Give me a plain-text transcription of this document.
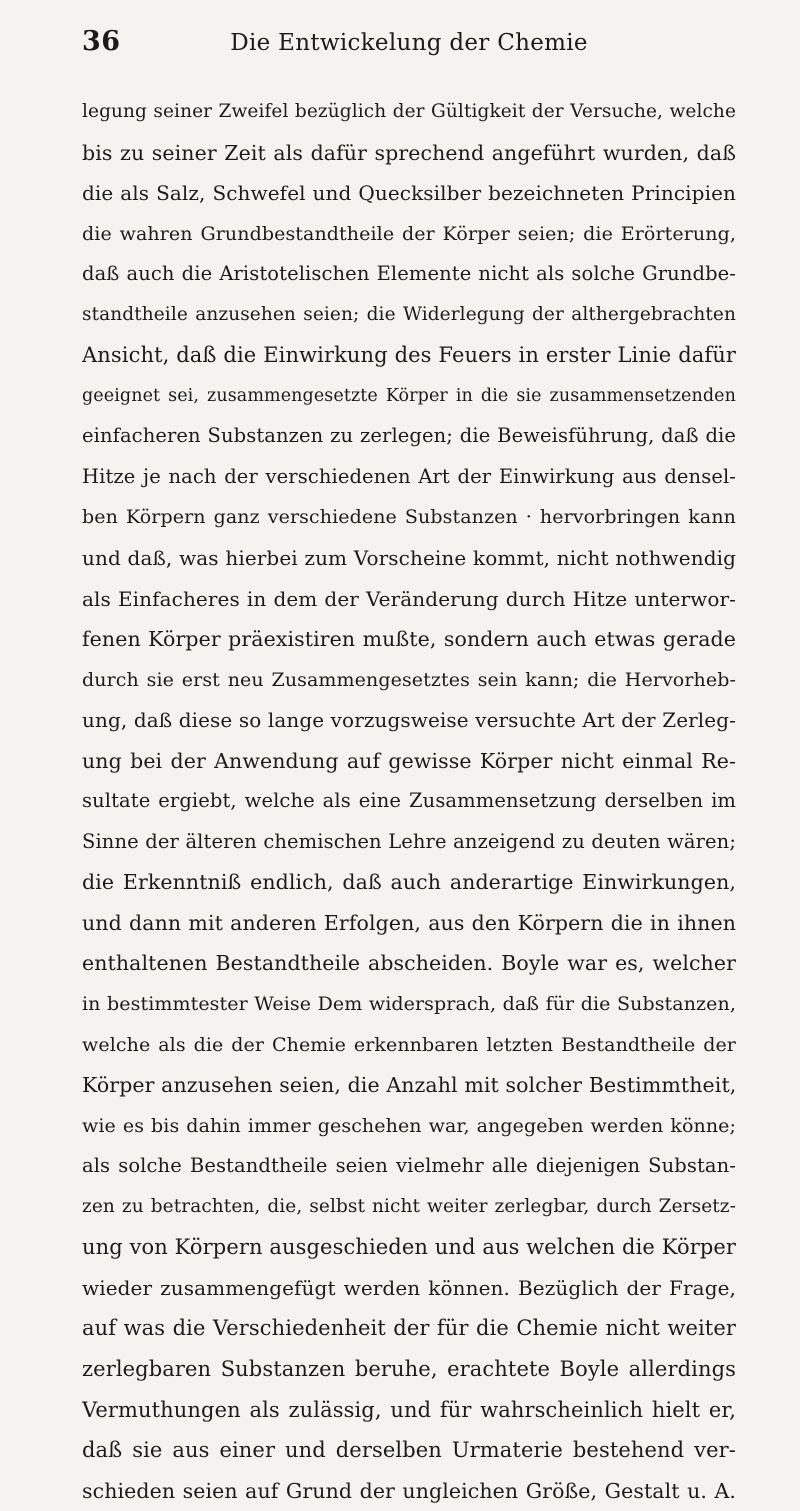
36	Die Entwickelung der Chemie
legung seiner Zweifel bezüglich der Gültigkeit der Versuche, welche
bis zu seiner Zeit als dafür sprechend angeführt wurden, daß
die als Salz, Schwefel und Quecksilber bezeichneten Principien
die wahren Grundbestandtheile der Körper seien; die Erörterung,
daß auch die Aristotelischen Elemente nicht als solche Grundbe-
standtheile anzusehen seien; die Widerlegung der althergebrachten
Ansicht, daß die Einwirkung des Feuers in erster Linie dafür
geeignet sei, zusammengesetzte Körper in die sie zusammensetzenden
einfacheren Substanzen zu zerlegen; die Beweisführung, daß die
Hitze je nach der verschiedenen Art der Einwirkung aus densel-
ben Körpern ganz verschiedene Substanzen · hervorbringen kann
und daß, was hierbei zum Vorscheine kommt, nicht nothwendig
als Einfacheres in dem der Veränderung durch Hitze unterwor-
fenen Körper präexistiren mußte, sondern auch etwas gerade
durch sie erst neu Zusammengesetztes sein kann; die Hervorheb-
ung, daß diese so lange vorzugsweise versuchte Art der Zerleg-
ung bei der Anwendung auf gewisse Körper nicht einmal Re-
sultate ergiebt, welche als eine Zusammensetzung derselben im
Sinne der älteren chemischen Lehre anzeigend zu deuten wären;
die Erkenntniß endlich, daß auch anderartige Einwirkungen,
und dann mit anderen Erfolgen, aus den Körpern die in ihnen
enthaltenen Bestandtheile abscheiden. Boyle war es, welcher
in bestimmtester Weise Dem widersprach, daß für die Substanzen,
welche als die der Chemie erkennbaren letzten Bestandtheile der
Körper anzusehen seien, die Anzahl mit solcher Bestimmtheit,
wie es bis dahin immer geschehen war, angegeben werden könne;
als solche Bestandtheile seien vielmehr alle diejenigen Substan-
zen zu betrachten, die, selbst nicht weiter zerlegbar, durch Zersetz-
ung von Körpern ausgeschieden und aus welchen die Körper
wieder zusammengefügt werden können. Bezüglich der Frage,
auf was die Verschiedenheit der für die Chemie nicht weiter
zerlegbaren Substanzen beruhe, erachtete Boyle allerdings
Vermuthungen als zulässig, und für wahrscheinlich hielt er,
daß sie aus einer und derselben Urmaterie bestehend ver-
schieden seien auf Grund der ungleichen Größe, Gestalt u. A.
